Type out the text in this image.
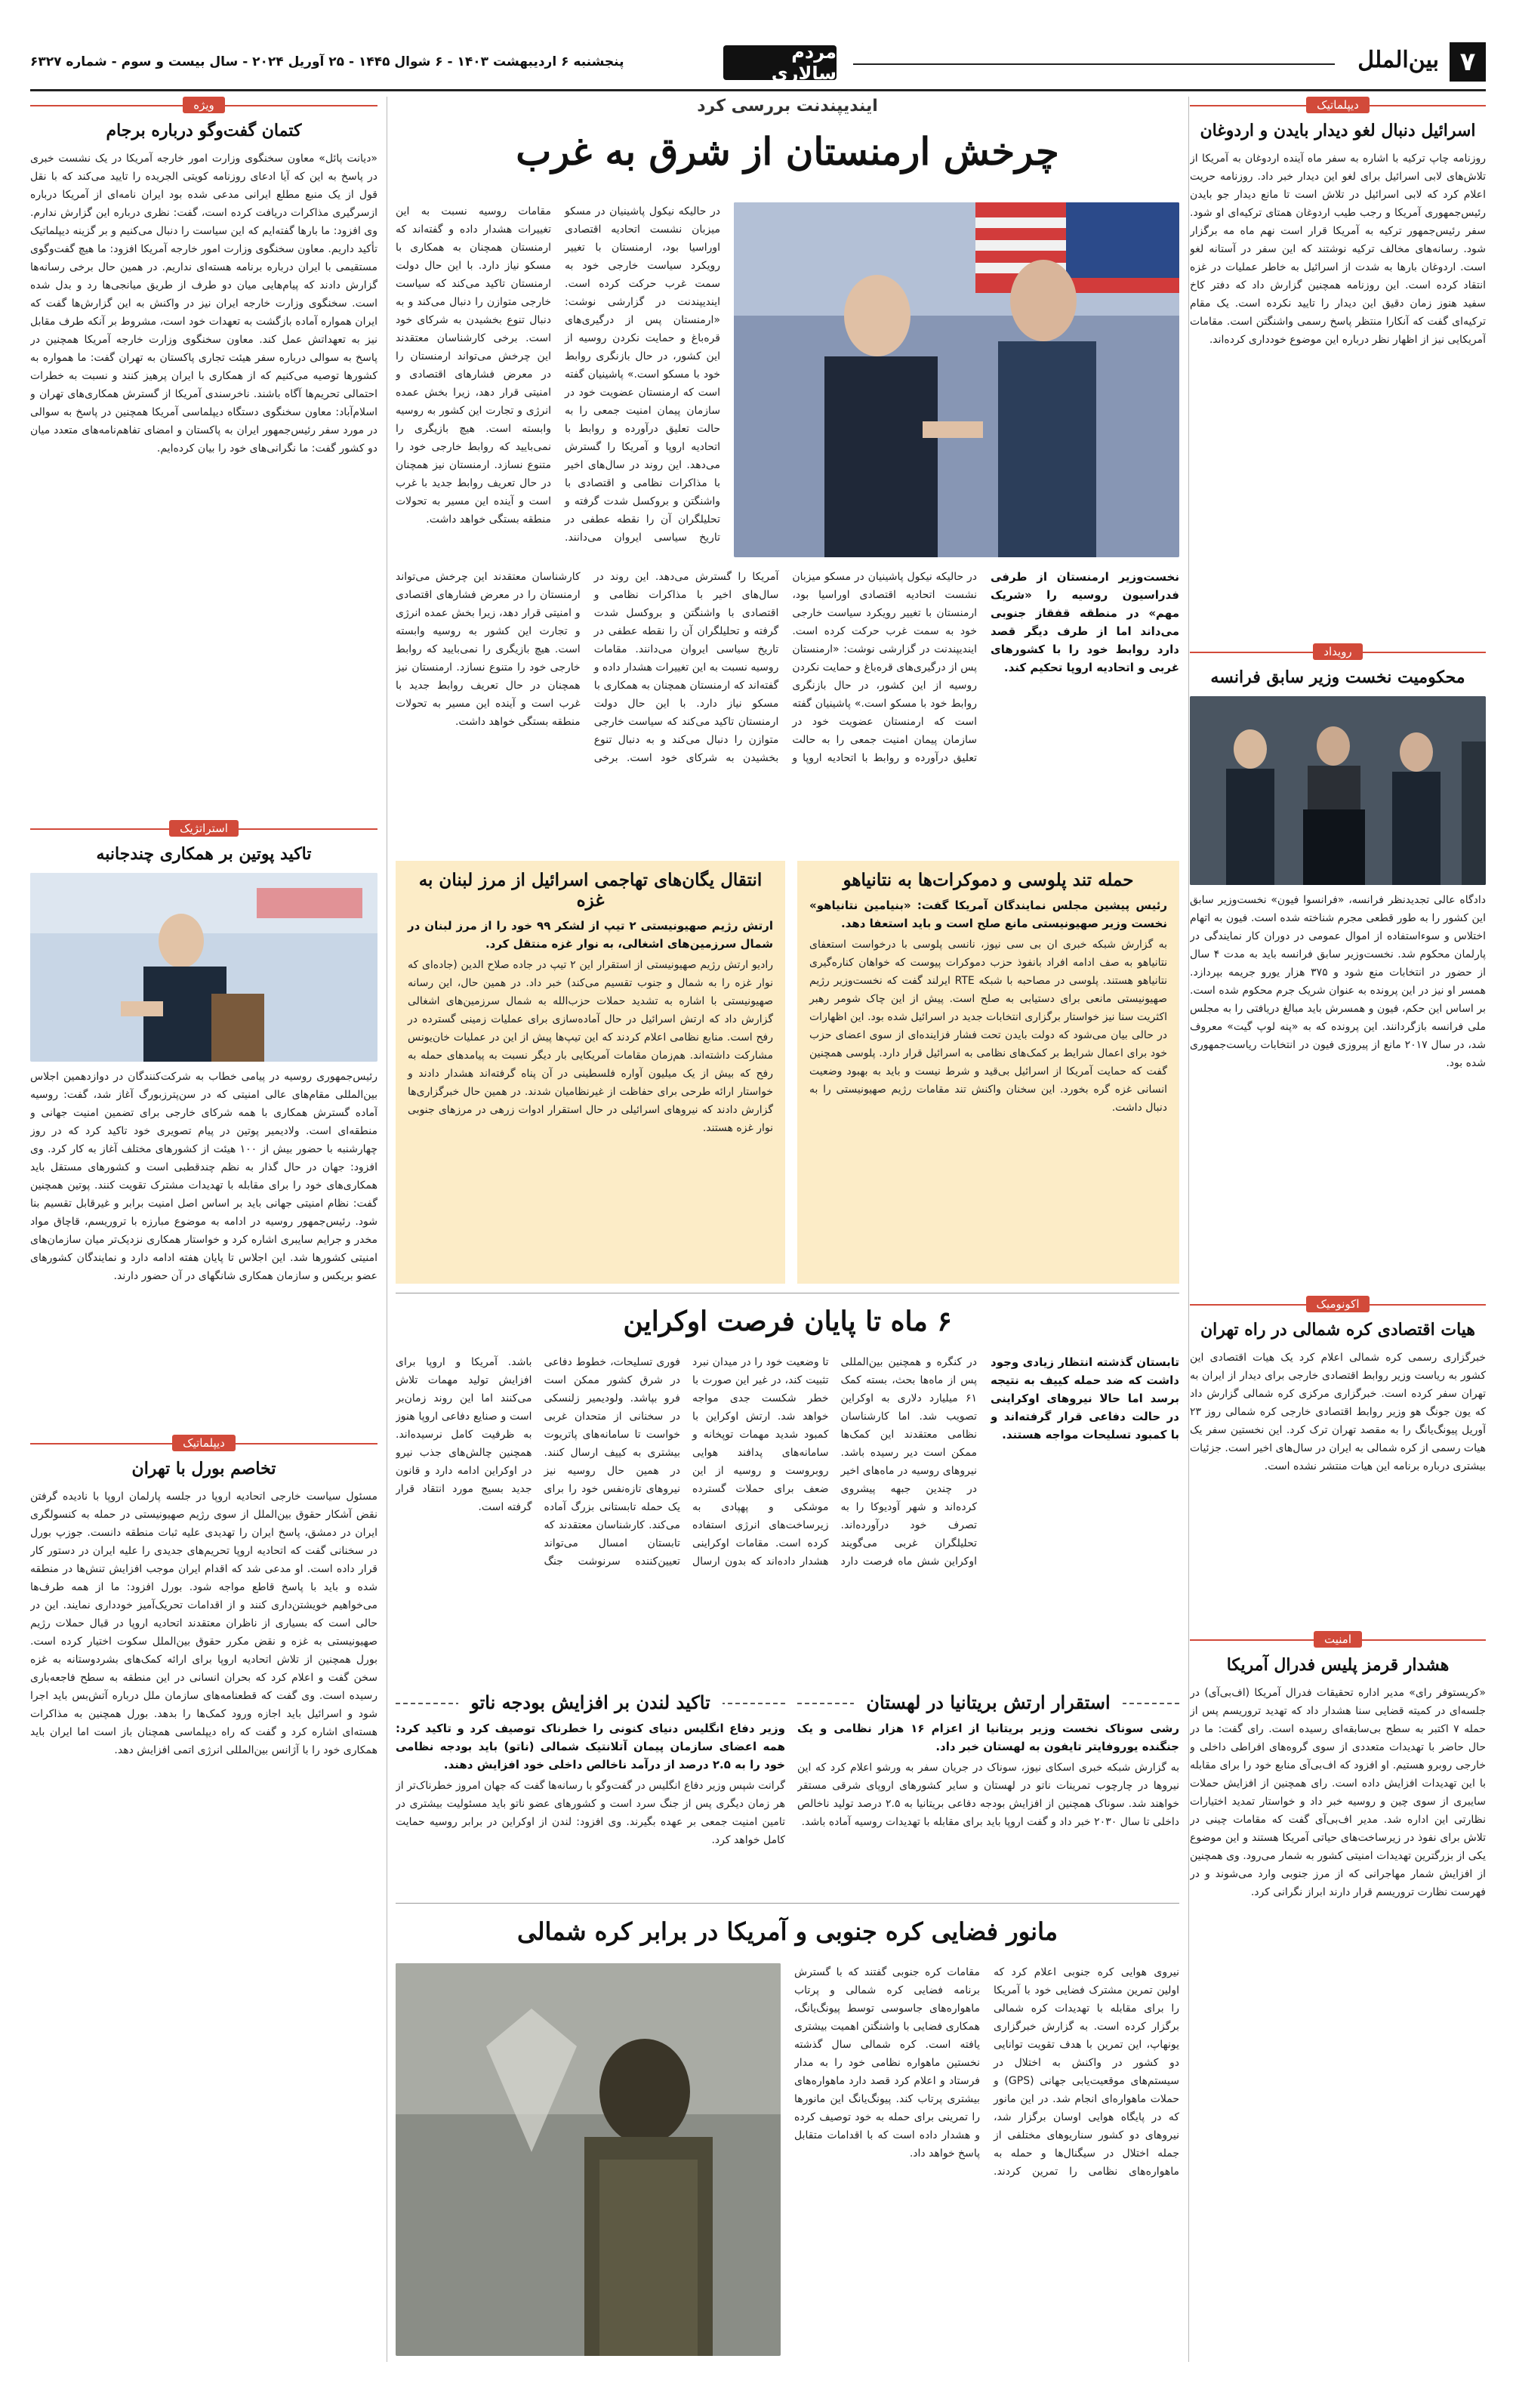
۷
بین‌الملل
مردم سالاری
پنجشنبه ۶ اردیبهشت ۱۴۰۳ - ۶ شوال ۱۴۴۵ - ۲۵ آوریل ۲۰۲۴ - سال بیست و سوم - شماره ۶۳۲۷
دیپلماتیک
اسرائیل دنبال لغو دیدار بایدن و اردوغان

روزنامه چاپ ترکیه با اشاره به سفر ماه آینده اردوغان به آمریکا از تلاش‌های لابی اسرائیل برای لغو این دیدار خبر داد. روزنامه حریت اعلام کرد که لابی اسرائیل در تلاش است تا مانع دیدار جو بایدن رئیس‌جمهوری آمریکا و رجب طیب اردوغان همتای ترکیه‌ای او شود. سفر رئیس‌جمهور ترکیه به آمریکا قرار است نهم ماه مه برگزار شود. رسانه‌های مخالف ترکیه نوشتند که این سفر در آستانه لغو است. اردوغان بارها به شدت از اسرائیل به خاطر عملیات در غزه انتقاد کرده است. این روزنامه همچنین گزارش داد که دفتر کاخ سفید هنوز زمان دقیق این دیدار را تایید نکرده است. یک مقام ترکیه‌ای گفت که آنکارا منتظر پاسخ رسمی واشنگتن است. مقامات آمریکایی نیز از اظهار نظر درباره این موضوع خودداری کرده‌اند.

رویداد
محکومیت نخست وزیر سابق فرانسه

دادگاه عالی تجدیدنظر فرانسه، «فرانسوا فیون» نخست‌وزیر سابق این کشور را به طور قطعی مجرم شناخته شده است. فیون به اتهام اختلاس و سوءاستفاده از اموال عمومی در دوران کار نمایندگی در پارلمان محکوم شد. نخست‌وزیر سابق فرانسه باید به مدت ۴ سال از حضور در انتخابات منع شود و ۳۷۵ هزار یورو جریمه بپردازد. همسر او نیز در این پرونده به عنوان شریک جرم محکوم شده است. بر اساس این حکم، فیون و همسرش باید مبالغ دریافتی را به مجلس ملی فرانسه بازگردانند. این پرونده که به «پنه لوپ گیت» معروف شد، در سال ۲۰۱۷ مانع از پیروزی فیون در انتخابات ریاست‌جمهوری شده بود.

اکونومیک
هیات اقتصادی کره شمالی در راه تهران

خبرگزاری رسمی کره شمالی اعلام کرد یک هیات اقتصادی این کشور به ریاست وزیر روابط اقتصادی خارجی برای دیدار از ایران به تهران سفر کرده است. خبرگزاری مرکزی کره شمالی گزارش داد که یون جونگ هو وزیر روابط اقتصادی خارجی کره شمالی روز ۲۳ آوریل پیونگ‌یانگ را به مقصد تهران ترک کرد. این نخستین سفر یک هیات رسمی از کره شمالی به ایران در سال‌های اخیر است. جزئیات بیشتری درباره برنامه این هیات منتشر نشده است.

امنیت
هشدار قرمز پلیس فدرال آمریکا

«کریستوفر رای» مدیر اداره تحقیقات فدرال آمریکا (اف‌بی‌آی) در جلسه‌ای در کمیته قضایی سنا هشدار داد که تهدید تروریسم پس از حمله ۷ اکتبر به سطح بی‌سابقه‌ای رسیده است. رای گفت: ما در حال حاضر با تهدیدات متعددی از سوی گروه‌های افراطی داخلی و خارجی روبرو هستیم. او افزود که اف‌بی‌آی منابع خود را برای مقابله با این تهدیدات افزایش داده است. رای همچنین از افزایش حملات سایبری از سوی چین و روسیه خبر داد و خواستار تمدید اختیارات نظارتی این اداره شد. مدیر اف‌بی‌آی گفت که مقامات چینی در تلاش برای نفوذ در زیرساخت‌های حیاتی آمریکا هستند و این موضوع یکی از بزرگترین تهدیدات امنیتی کشور به شمار می‌رود. وی همچنین از افزایش شمار مهاجرانی که از مرز جنوبی وارد می‌شوند و در فهرست نظارت تروریسم قرار دارند ابراز نگرانی کرد.

ویژه
کتمان گفت‌وگو درباره برجام

«دیانت پائل» معاون سخنگوی وزارت امور خارجه آمریکا در یک نشست خبری در پاسخ به این که آیا ادعای روزنامه کویتی الجریده را تایید می‌کند که با نقل قول از یک منبع مطلع ایرانی مدعی شده بود ایران نامه‌ای از آمریکا درباره ازسرگیری مذاکرات دریافت کرده است، گفت: نظری درباره این گزارش ندارم. وی افزود: ما بارها گفته‌ایم که این سیاست را دنبال می‌کنیم و بر گزینه دیپلماتیک تأکید داریم. معاون سخنگوی وزارت امور خارجه آمریکا افزود: ما هیچ گفت‌وگوی مستقیمی با ایران درباره برنامه هسته‌ای نداریم. در همین حال برخی رسانه‌ها گزارش دادند که پیام‌هایی میان دو طرف از طریق میانجی‌ها رد و بدل شده است. سخنگوی وزارت خارجه ایران نیز در واکنش به این گزارش‌ها گفت که ایران همواره آماده بازگشت به تعهدات خود است، مشروط بر آنکه طرف مقابل نیز به تعهداتش عمل کند. معاون سخنگوی وزارت خارجه آمریکا همچنین در پاسخ به سوالی درباره سفر هیئت تجاری پاکستان به تهران گفت: ما همواره به کشورها توصیه می‌کنیم که از همکاری با ایران پرهیز کنند و نسبت به خطرات احتمالی تحریم‌ها آگاه باشند. ناخرسندی آمریکا از گسترش همکاری‌های تهران و اسلام‌آباد: معاون سخنگوی دستگاه دیپلماسی آمریکا همچنین در پاسخ به سوالی در مورد سفر رئیس‌جمهور ایران به پاکستان و امضای تفاهم‌نامه‌های متعدد میان دو کشور گفت: ما نگرانی‌های خود را بیان کرده‌ایم.

استراتژیک
تاکید پوتین بر همکاری چندجانبه

رئیس‌جمهوری روسیه در پیامی خطاب به شرکت‌کنندگان در دوازدهمین اجلاس بین‌المللی مقام‌های عالی امنیتی که در سن‌پترزبورگ آغاز شد، گفت: روسیه آماده گسترش همکاری با همه شرکای خارجی برای تضمین امنیت جهانی و منطقه‌ای است. ولادیمیر پوتین در پیام تصویری خود تاکید کرد که در روز چهارشنبه با حضور بیش از ۱۰۰ هیئت از کشورهای مختلف آغاز به کار کرد. وی افزود: جهان در حال گذار به نظم چندقطبی است و کشورهای مستقل باید همکاری‌های خود را برای مقابله با تهدیدات مشترک تقویت کنند. پوتین همچنین گفت: نظام امنیتی جهانی باید بر اساس اصل امنیت برابر و غیرقابل تقسیم بنا شود. رئیس‌جمهور روسیه در ادامه به موضوع مبارزه با تروریسم، قاچاق مواد مخدر و جرایم سایبری اشاره کرد و خواستار همکاری نزدیک‌تر میان سازمان‌های امنیتی کشورها شد. این اجلاس تا پایان هفته ادامه دارد و نمایندگان کشورهای عضو بریکس و سازمان همکاری شانگهای در آن حضور دارند.

دیپلماتیک
تخاصم بورل با تهران

مسئول سیاست خارجی اتحادیه اروپا در جلسه پارلمان اروپا با نادیده گرفتن نقض آشکار حقوق بین‌الملل از سوی رژیم صهیونیستی در حمله به کنسولگری ایران در دمشق، پاسخ ایران را تهدیدی علیه ثبات منطقه دانست. جوزپ بورل در سخنانی گفت که اتحادیه اروپا تحریم‌های جدیدی را علیه ایران در دستور کار قرار داده است. او مدعی شد که اقدام ایران موجب افزایش تنش‌ها در منطقه شده و باید با پاسخ قاطع مواجه شود. بورل افزود: ما از همه طرف‌ها می‌خواهیم خویشتن‌داری کنند و از اقدامات تحریک‌آمیز خودداری نمایند. این در حالی است که بسیاری از ناظران معتقدند اتحادیه اروپا در قبال حملات رژیم صهیونیستی به غزه و نقض مکرر حقوق بین‌الملل سکوت اختیار کرده است. بورل همچنین از تلاش اتحادیه اروپا برای ارائه کمک‌های بشردوستانه به غزه سخن گفت و اعلام کرد که بحران انسانی در این منطقه به سطح فاجعه‌باری رسیده است. وی گفت که قطعنامه‌های سازمان ملل درباره آتش‌بس باید اجرا شود و اسرائیل باید اجازه ورود کمک‌ها را بدهد. بورل همچنین به مذاکرات هسته‌ای اشاره کرد و گفت که راه دیپلماسی همچنان باز است اما ایران باید همکاری خود را با آژانس بین‌المللی انرژی اتمی افزایش دهد.

ایندیپندنت بررسی کرد
چرخش ارمنستان از شرق به غرب

در حالیکه نیکول پاشینیان در مسکو میزبان نشست اتحادیه اقتصادی اوراسیا بود، ارمنستان با تغییر رویکرد سیاست خارجی خود به سمت غرب حرکت کرده است. ایندیپندنت در گزارشی نوشت: «ارمنستان پس از درگیری‌های قره‌باغ و حمایت نکردن روسیه از این کشور، در حال بازنگری روابط خود با مسکو است.» پاشینیان گفته است که ارمنستان عضویت خود در سازمان پیمان امنیت جمعی را به حالت تعلیق درآورده و روابط با اتحادیه اروپا و آمریکا را گسترش می‌دهد. این روند در سال‌های اخیر با مذاکرات نظامی و اقتصادی با واشنگتن و بروکسل شدت گرفته و تحلیلگران آن را نقطه عطفی در تاریخ سیاسی ایروان می‌دانند. مقامات روسیه نسبت به این تغییرات هشدار داده و گفته‌اند که ارمنستان همچنان به همکاری با مسکو نیاز دارد. با این حال دولت ارمنستان تاکید می‌کند که سیاست خارجی متوازن را دنبال می‌کند و به دنبال تنوع بخشیدن به شرکای خود است. برخی کارشناسان معتقدند این چرخش می‌تواند ارمنستان را در معرض فشارهای اقتصادی و امنیتی قرار دهد، زیرا بخش عمده انرژی و تجارت این کشور به روسیه وابسته است. هیچ بازیگری را نمی‌بایید که روابط خارجی خود را متنوع نسازد. ارمنستان نیز همچنان در حال تعریف روابط جدید با غرب است و آینده این مسیر به تحولات منطقه بستگی خواهد داشت.

نخست‌وزیر ارمنستان از طرفی فدراسیون روسیه را «شریک مهم» در منطقه قفقاز جنوبی می‌داند اما از طرف دیگر قصد دارد روابط خود را با کشورهای غربی و اتحادیه اروپا تحکیم کند.

در حالیکه نیکول پاشینیان در مسکو میزبان نشست اتحادیه اقتصادی اوراسیا بود، ارمنستان با تغییر رویکرد سیاست خارجی خود به سمت غرب حرکت کرده است. ایندیپندنت در گزارشی نوشت: «ارمنستان پس از درگیری‌های قره‌باغ و حمایت نکردن روسیه از این کشور، در حال بازنگری روابط خود با مسکو است.» پاشینیان گفته است که ارمنستان عضویت خود در سازمان پیمان امنیت جمعی را به حالت تعلیق درآورده و روابط با اتحادیه اروپا و آمریکا را گسترش می‌دهد. این روند در سال‌های اخیر با مذاکرات نظامی و اقتصادی با واشنگتن و بروکسل شدت گرفته و تحلیلگران آن را نقطه عطفی در تاریخ سیاسی ایروان می‌دانند. مقامات روسیه نسبت به این تغییرات هشدار داده و گفته‌اند که ارمنستان همچنان به همکاری با مسکو نیاز دارد. با این حال دولت ارمنستان تاکید می‌کند که سیاست خارجی متوازن را دنبال می‌کند و به دنبال تنوع بخشیدن به شرکای خود است. برخی کارشناسان معتقدند این چرخش می‌تواند ارمنستان را در معرض فشارهای اقتصادی و امنیتی قرار دهد، زیرا بخش عمده انرژی و تجارت این کشور به روسیه وابسته است. هیچ بازیگری را نمی‌بایید که روابط خارجی خود را متنوع نسازد. ارمنستان نیز همچنان در حال تعریف روابط جدید با غرب است و آینده این مسیر به تحولات منطقه بستگی خواهد داشت.

حمله تند پلوسی و دموکرات‌ها به نتانیاهو

رئیس پیشین مجلس نمایندگان آمریکا گفت: «بنیامین نتانیاهو» نخست وزیر صهیونیستی مانع صلح است و باید استعفا دهد.

به گزارش شبکه خبری ان بی سی نیوز، نانسی پلوسی با درخواست استعفای نتانیاهو به صف ادامه افراد بانفوذ حزب دموکرات پیوست که خواهان کناره‌گیری نتانیاهو هستند. پلوسی در مصاحبه با شبکه RTE ایرلند گفت که نخست‌وزیر رژیم صهیونیستی مانعی برای دستیابی به صلح است. پیش از این چاک شومر رهبر اکثریت سنا نیز خواستار برگزاری انتخابات جدید در اسرائیل شده بود. این اظهارات در حالی بیان می‌شود که دولت بایدن تحت فشار فزاینده‌ای از سوی اعضای حزب خود برای اعمال شرایط بر کمک‌های نظامی به اسرائیل قرار دارد. پلوسی همچنین گفت که حمایت آمریکا از اسرائیل بی‌قید و شرط نیست و باید به بهبود وضعیت انسانی غزه گره بخورد. این سخنان واکنش تند مقامات رژیم صهیونیستی را به دنبال داشت.

انتقال یگان‌های تهاجمی اسرائیل از مرز لبنان به غزه

ارتش رژیم صهیونیستی ۲ تیپ از لشکر ۹۹ خود را از مرز لبنان در شمال سرزمین‌های اشغالی، به نوار غزه منتقل کرد.

رادیو ارتش رژیم صهیونیستی از استقرار این ۲ تیپ در جاده صلاح الدین (جاده‌ای که نوار غزه را به شمال و جنوب تقسیم می‌کند) خبر داد. در همین حال، این رسانه صهیونیستی با اشاره به تشدید حملات حزب‌الله به شمال سرزمین‌های اشغالی گزارش داد که ارتش اسرائیل در حال آماده‌سازی برای عملیات زمینی گسترده در رفح است. منابع نظامی اعلام کردند که این تیپ‌ها پیش از این در عملیات خان‌یونس مشارکت داشته‌اند. هم‌زمان مقامات آمریکایی بار دیگر نسبت به پیامدهای حمله به رفح که بیش از یک میلیون آواره فلسطینی در آن پناه گرفته‌اند هشدار دادند و خواستار ارائه طرحی برای حفاظت از غیرنظامیان شدند. در همین حال خبرگزاری‌ها گزارش دادند که نیروهای اسرائیلی در حال استقرار ادوات زرهی در مرزهای جنوبی نوار غزه هستند.

۶ ماه تا پایان فرصت اوکراین

تابستان گذشته انتظار زیادی وجود داشت که ضد حمله کییف به نتیجه برسد اما حالا نیروهای اوکراینی در حالت دفاعی قرار گرفته‌اند و با کمبود تسلیحات مواجه هستند.

در کنگره و همچنین بین‌المللی پس از ماه‌ها بحث، بسته کمک ۶۱ میلیارد دلاری به اوکراین تصویب شد. اما کارشناسان نظامی معتقدند این کمک‌ها ممکن است دیر رسیده باشد. نیروهای روسیه در ماه‌های اخیر در چندین جبهه پیشروی کرده‌اند و شهر آودیوکا را به تصرف خود درآورده‌اند. تحلیلگران غربی می‌گویند اوکراین شش ماه فرصت دارد تا وضعیت خود را در میدان نبرد تثبیت کند، در غیر این صورت با خطر شکست جدی مواجه خواهد شد. ارتش اوکراین با کمبود شدید مهمات توپخانه و سامانه‌های پدافند هوایی روبروست و روسیه از این ضعف برای حملات گسترده موشکی و پهپادی به زیرساخت‌های انرژی استفاده کرده است. مقامات اوکراینی هشدار داده‌اند که بدون ارسال فوری تسلیحات، خطوط دفاعی در شرق کشور ممکن است فرو بپاشد. ولودیمیر زلنسکی در سخنانی از متحدان غربی خواست تا سامانه‌های پاتریوت بیشتری به کییف ارسال کنند. در همین حال روسیه نیز نیروهای تازه‌نفس خود را برای یک حمله تابستانی بزرگ آماده می‌کند. کارشناسان معتقدند که تابستان امسال می‌تواند تعیین‌کننده سرنوشت جنگ باشد. آمریکا و اروپا برای افزایش تولید مهمات تلاش می‌کنند اما این روند زمان‌بر است و صنایع دفاعی اروپا هنوز به ظرفیت کامل نرسیده‌اند. همچنین چالش‌های جذب نیرو در اوکراین ادامه دارد و قانون جدید بسیج مورد انتقاد قرار گرفته است.

استقرار ارتش بریتانیا در لهستان

رشی سوناک نخست وزیر بریتانیا از اعزام ۱۶ هزار نظامی و یک جنگنده یوروفایتر تایفون به لهستان خبر داد.

به گزارش شبکه خبری اسکای نیوز، سوناک در جریان سفر به ورشو اعلام کرد که این نیروها در چارچوب تمرینات ناتو در لهستان و سایر کشورهای اروپای شرقی مستقر خواهند شد. سوناک همچنین از افزایش بودجه دفاعی بریتانیا به ۲.۵ درصد تولید ناخالص داخلی تا سال ۲۰۳۰ خبر داد و گفت اروپا باید برای مقابله با تهدیدات روسیه آماده باشد.

تاکید لندن بر افزایش بودجه ناتو

وزیر دفاع انگلیس دنیای کنونی را خطرناک توصیف کرد و تاکید کرد: همه اعضای سازمان پیمان آتلانتیک شمالی (ناتو) باید بودجه نظامی خود را به ۲.۵ درصد از درآمد ناخالص داخلی خود افزایش دهند.

گرانت شپس وزیر دفاع انگلیس در گفت‌وگو با رسانه‌ها گفت که جهان امروز خطرناک‌تر از هر زمان دیگری پس از جنگ سرد است و کشورهای عضو ناتو باید مسئولیت بیشتری در تامین امنیت جمعی بر عهده بگیرند. وی افزود: لندن از اوکراین در برابر روسیه حمایت کامل خواهد کرد.

مانور فضایی کره جنوبی و آمریکا در برابر کره شمالی

نیروی هوایی کره جنوبی اعلام کرد که اولین تمرین مشترک فضایی خود با آمریکا را برای مقابله با تهدیدات کره شمالی برگزار کرده است. به گزارش خبرگزاری یونهاپ، این تمرین با هدف تقویت توانایی دو کشور در واکنش به اختلال در سیستم‌های موقعیت‌یابی جهانی (GPS) و حملات ماهواره‌ای انجام شد. در این مانور که در پایگاه هوایی اوسان برگزار شد، نیروهای دو کشور سناریوهای مختلفی از جمله اختلال در سیگنال‌ها و حمله به ماهواره‌های نظامی را تمرین کردند. مقامات کره جنوبی گفتند که با گسترش برنامه فضایی کره شمالی و پرتاب ماهواره‌های جاسوسی توسط پیونگ‌یانگ، همکاری فضایی با واشنگتن اهمیت بیشتری یافته است. کره شمالی سال گذشته نخستین ماهواره نظامی خود را به مدار فرستاد و اعلام کرد قصد دارد ماهواره‌های بیشتری پرتاب کند. پیونگ‌یانگ این مانورها را تمرینی برای حمله به خود توصیف کرده و هشدار داده است که با اقدامات متقابل پاسخ خواهد داد.
